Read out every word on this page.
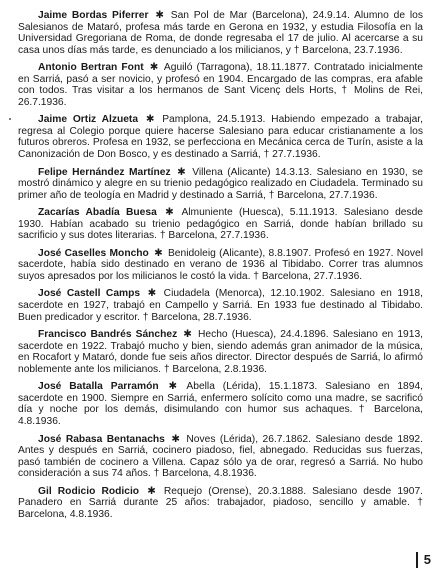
Jaime Bordas Piferrer ✱ San Pol de Mar (Barcelona), 24.9.14. Alumno de los Salesianos de Mataró, profesa más tarde en Gerona en 1932, y estudia Filosofía en la Universidad Gregoriana de Roma, de donde regresaba el 17 de julio. Al acercarse a su casa unos días más tarde, es denunciado a los milicianos, y † Barcelona, 23.7.1936.

Antonio Bertran Font ✱ Aguiló (Tarragona), 18.11.1877. Contratado inicialmente en Sarriá, pasó a ser novicio, y profesó en 1904. Encargado de las compras, era afable con todos. Tras visitar a los hermanos de Sant Vicenç dels Horts, † Molins de Rei, 26.7.1936.

Jaime Ortiz Alzueta ✱ Pamplona, 24.5.1913. Habiendo empezado a trabajar, regresa al Colegio porque quiere hacerse Salesiano para educar cristianamente a los futuros obreros. Profesa en 1932, se perfecciona en Mecánica cerca de Turín, asiste a la Canonización de Don Bosco, y es destinado a Sarriá, † 27.7.1936.

Felipe Hernández Martínez ✱ Villena (Alicante) 14.3.13. Salesiano en 1930, se mostró dinámico y alegre en su trienio pedagógico realizado en Ciudadela. Terminado su primer año de teología en Madrid y destinado a Sarriá, † Barcelona, 27.7.1936.

Zacarías Abadía Buesa ✱ Almuniente (Huesca), 5.11.1913. Salesiano desde 1930. Habían acabado su trienio pedagógico en Sarriá, donde habían brillado su sacrificio y sus dotes literarias. † Barcelona, 27.7.1936.

José Caselles Moncho ✱ Benidoleig (Alicante), 8.8.1907. Profesó en 1927. Novel sacerdote, había sido destinado en verano de 1936 al Tibidabo. Correr tras alumnos suyos apresados por los milicianos le costó la vida. † Barcelona, 27.7.1936.

José Castell Camps ✱ Ciudadela (Menorca), 12.10.1902. Salesiano en 1918, sacerdote en 1927, trabajó en Campello y Sarriá. En 1933 fue destinado al Tibidabo. Buen predicador y escritor. † Barcelona, 28.7.1936.

Francisco Bandrés Sánchez ✱ Hecho (Huesca), 24.4.1896. Salesiano en 1913, sacerdote en 1922. Trabajó mucho y bien, siendo además gran animador de la música, en Rocafort y Mataró, donde fue seis años director. Director después de Sarriá, lo afirmó noblemente ante los milicianos. † Barcelona, 2.8.1936.

José Batalla Parramón ✱ Abella (Lérida), 15.1.1873. Salesiano en 1894, sacerdote en 1900. Siempre en Sarriá, enfermero solícito como una madre, se sacrificó día y noche por los demás, disimulando con humor sus achaques. † Barcelona, 4.8.1936.

José Rabasa Bentanachs ✱ Noves (Lérida), 26.7.1862. Salesiano desde 1892. Antes y después en Sarriá, cocinero piadoso, fiel, abnegado. Reducidas sus fuerzas, pasó también de cocinero a Villena. Capaz sólo ya de orar, regresó a Sarriá. No hubo consideración a sus 74 años. † Barcelona, 4.8.1936.

Gil Rodicio Rodicio ✱ Requejo (Orense), 20.3.1888. Salesiano desde 1907. Panadero en Sarriá durante 25 años: trabajador, piadoso, sencillo y amable. † Barcelona, 4.8.1936.

5
